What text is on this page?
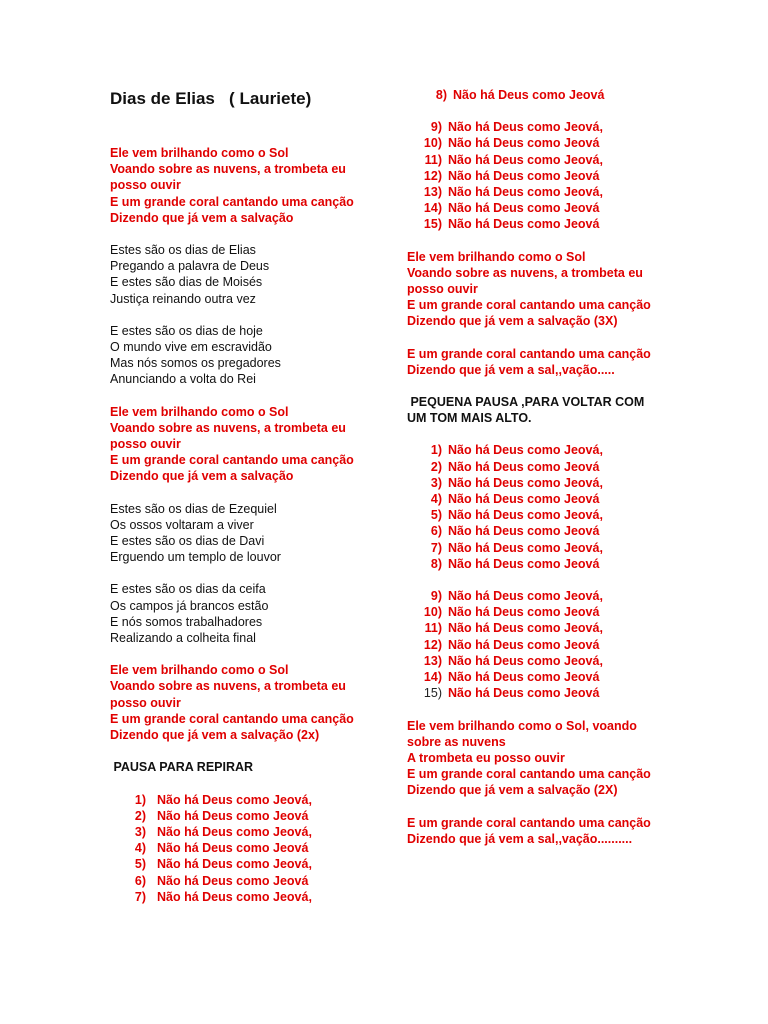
Dias de Elias   ( Lauriete)
Ele vem brilhando como o Sol
Voando sobre as nuvens, a trombeta eu
posso ouvir
E um grande coral cantando uma canção
Dizendo que já vem a salvação
Estes são os dias de Elias
Pregando a palavra de Deus
E estes são dias de Moisés
Justiça reinando outra vez
E estes são os dias de hoje
O mundo vive em escravidão
Mas nós somos os pregadores
Anunciando a volta do Rei
Ele vem brilhando como o Sol
Voando sobre as nuvens, a trombeta eu
posso ouvir
E um grande coral cantando uma canção
Dizendo que já vem a salvação
Estes são os dias de Ezequiel
Os ossos voltaram a viver
E estes são os dias de Davi
Erguendo um templo de louvor
E estes são os dias da ceifa
Os campos já brancos estão
E nós somos trabalhadores
Realizando a colheita final
Ele vem brilhando como o Sol
Voando sobre as nuvens, a trombeta eu
posso ouvir
E um grande coral cantando uma canção
Dizendo que já vem a salvação (2x)
PAUSA PARA REPIRAR
1) Não há Deus como Jeová,
2) Não há Deus como Jeová
3) Não há Deus como Jeová,
4) Não há Deus como Jeová
5) Não há Deus como Jeová,
6) Não há Deus como Jeová
7) Não há Deus como Jeová,
8) Não há Deus como Jeová
9) Não há Deus como Jeová,
10) Não há Deus como Jeová
11) Não há Deus como Jeová,
12) Não há Deus como Jeová
13) Não há Deus como Jeová,
14) Não há Deus como Jeová
15) Não há Deus como Jeová
Ele vem brilhando como o Sol
Voando sobre as nuvens, a trombeta eu
posso ouvir
E um grande coral cantando uma canção
Dizendo que já vem a salvação (3X)
E um grande coral cantando uma canção
Dizendo que já vem a sal,,vação.....
PEQUENA PAUSA ,PARA VOLTAR COM
UM TOM MAIS ALTO.
1) Não há Deus como Jeová,
2) Não há Deus como Jeová
3) Não há Deus como Jeová,
4) Não há Deus como Jeová
5) Não há Deus como Jeová,
6) Não há Deus como Jeová
7) Não há Deus como Jeová,
8) Não há Deus como Jeová
9) Não há Deus como Jeová,
10) Não há Deus como Jeová
11) Não há Deus como Jeová,
12) Não há Deus como Jeová
13) Não há Deus como Jeová,
14) Não há Deus como Jeová
15) Não há Deus como Jeová
Ele vem brilhando como o Sol, voando
sobre as nuvens
A trombeta eu posso ouvir
E um grande coral cantando uma canção
Dizendo que já vem a salvação (2X)
E um grande coral cantando uma canção
Dizendo que já vem a sal,,vação..........
